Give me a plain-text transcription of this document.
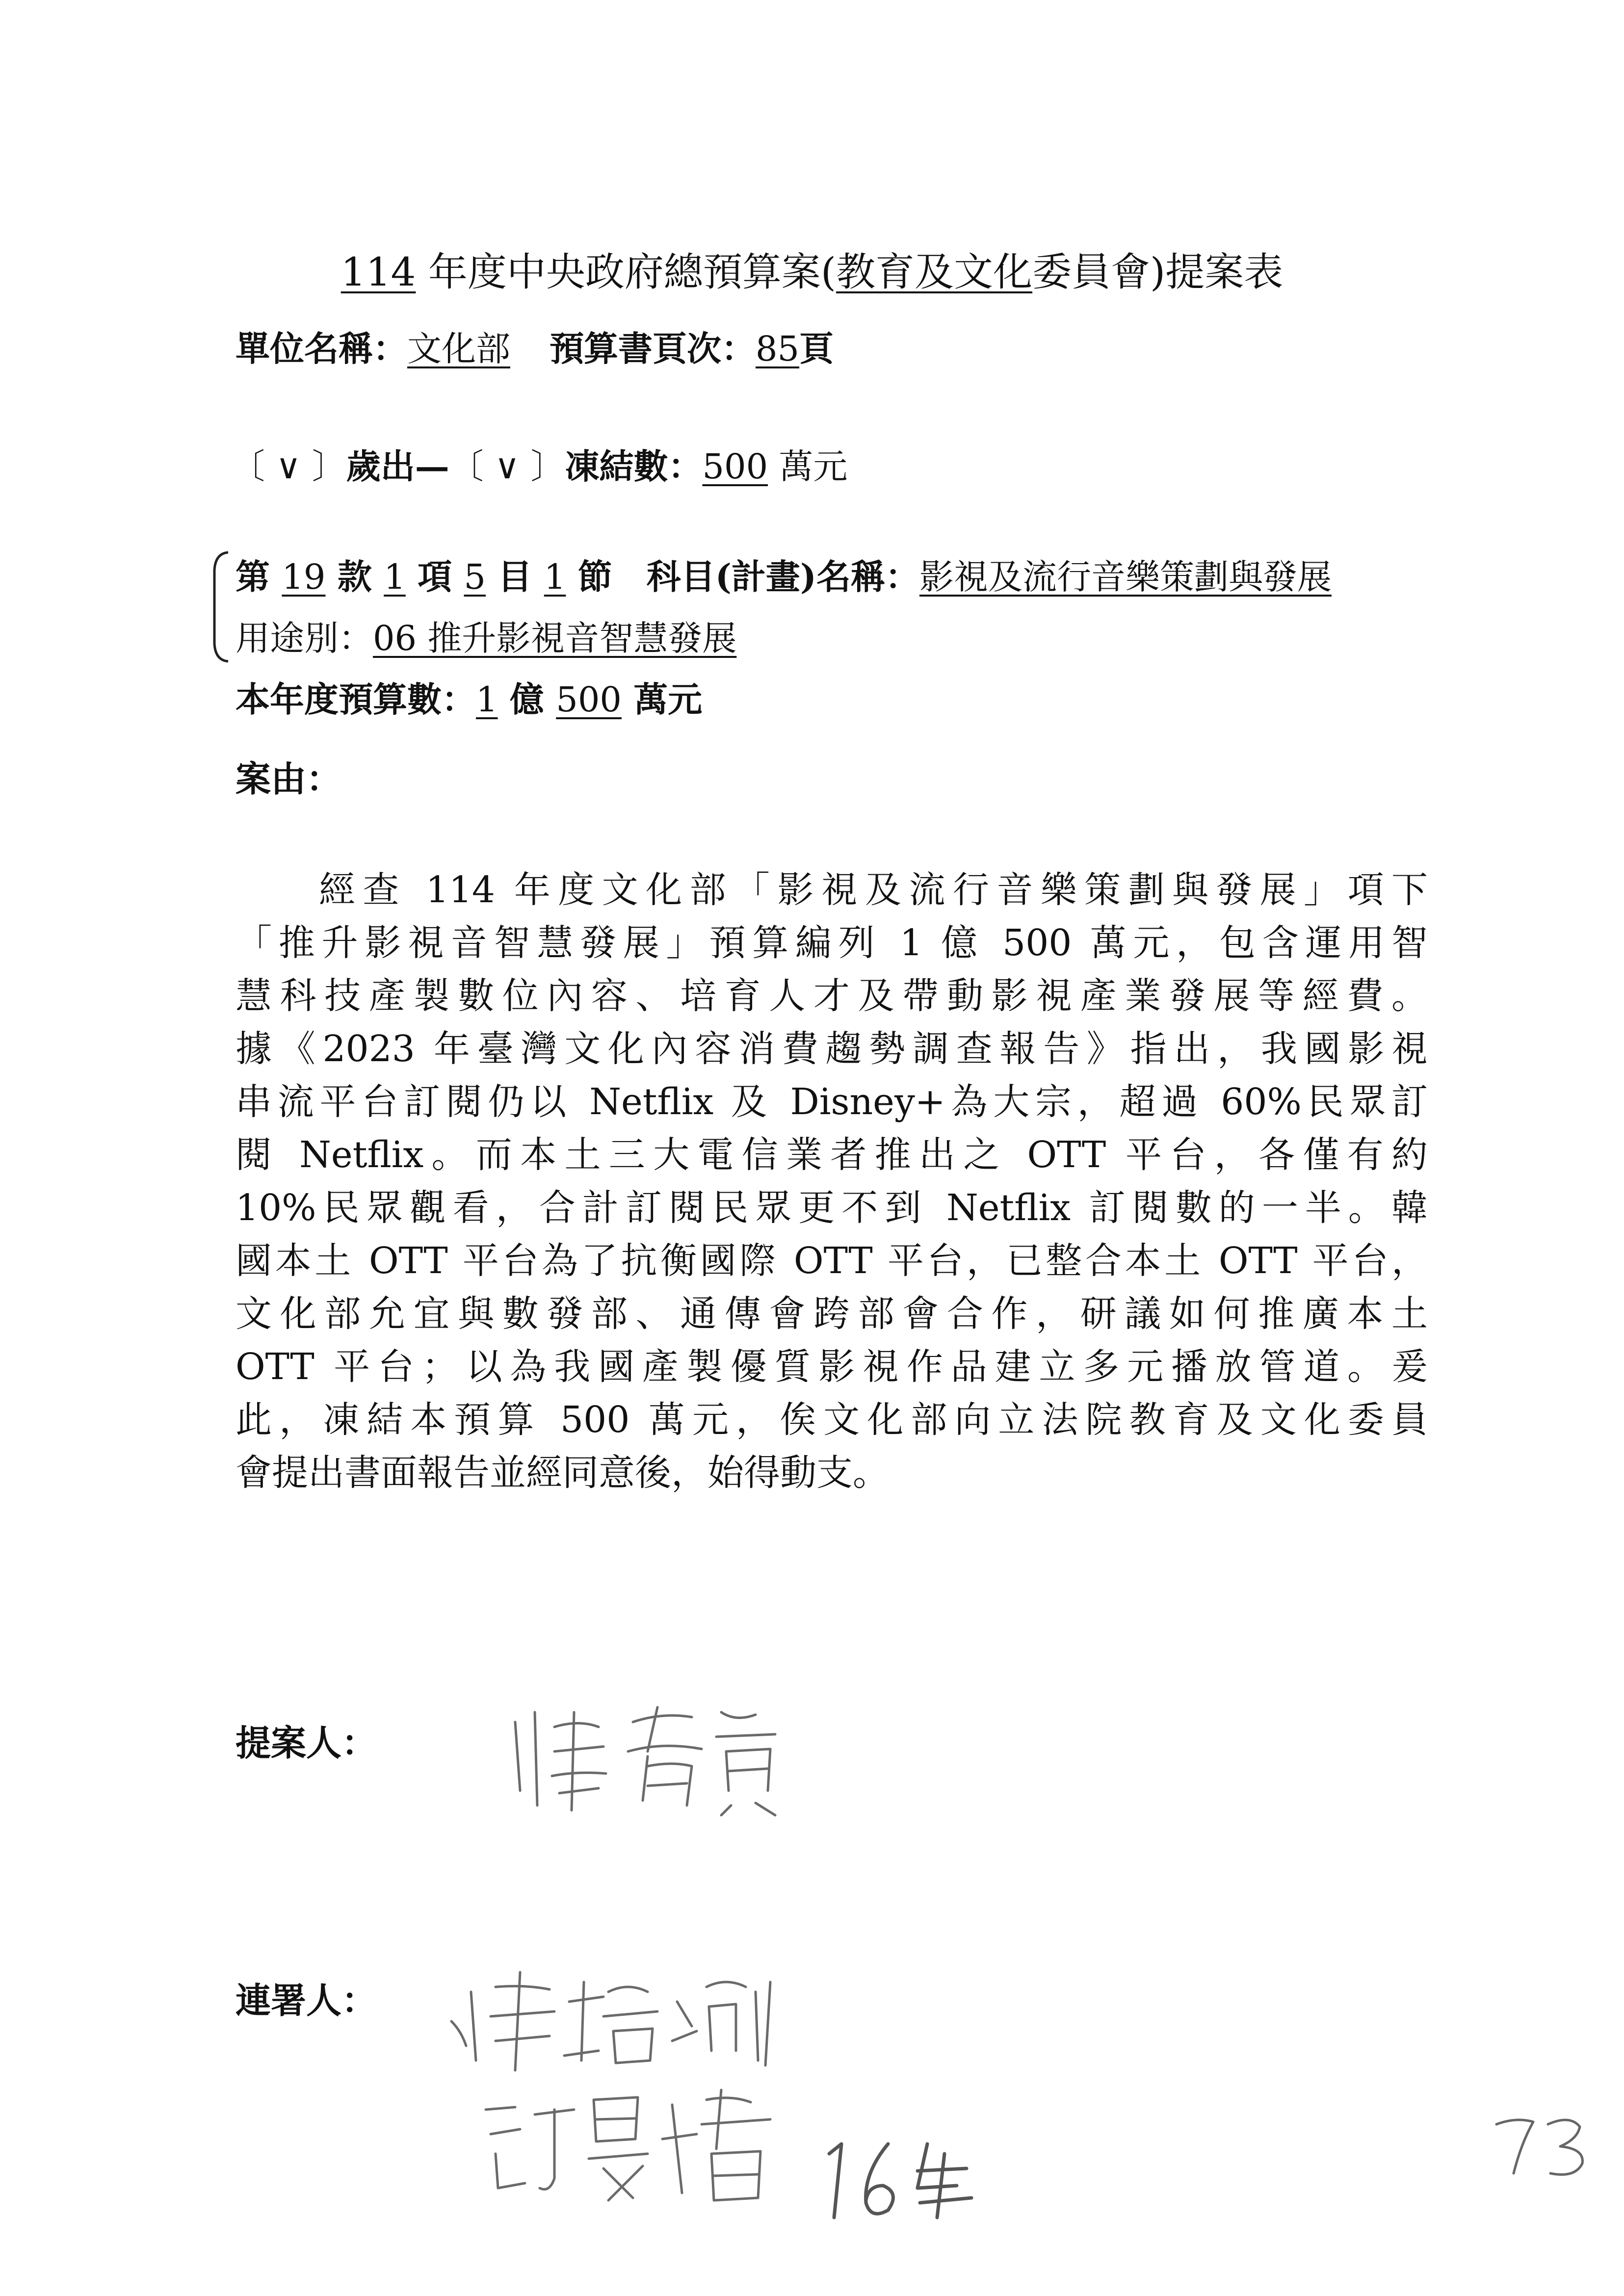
114 年度中央政府總預算案(教育及文化委員會)提案表
單位名稱：文化部 預算書頁次：85頁
〔 ∨ 〕歲出—〔 ∨ 〕凍結數：500 萬元
第 19 款 1 項 5 目 1 節 科目(計畫)名稱：影視及流行音樂策劃與發展
用途別：06 推升影視音智慧發展
本年度預算數：1 億 500 萬元
案由：
經查 114 年度文化部「影視及流行音樂策劃與發展」項下
「推升影視音智慧發展」預算編列 1 億 500 萬元，包含運用智
慧科技產製數位內容、培育人才及帶動影視產業發展等經費。
據《2023 年臺灣文化內容消費趨勢調查報告》指出，我國影視
串流平台訂閱仍以 Netflix 及 Disney+為大宗，超過 60%民眾訂
閱 Netflix。而本土三大電信業者推出之 OTT 平台，各僅有約
10%民眾觀看，合計訂閱民眾更不到 Netflix 訂閱數的一半。韓
國本土 OTT 平台為了抗衡國際 OTT 平台，已整合本土 OTT 平台，
文化部允宜與數發部、通傳會跨部會合作，研議如何推廣本土
OTT 平台；以為我國產製優質影視作品建立多元播放管道。爰
此，凍結本預算 500 萬元，俟文化部向立法院教育及文化委員
會提出書面報告並經同意後，始得動支。
提案人：
連署人：
